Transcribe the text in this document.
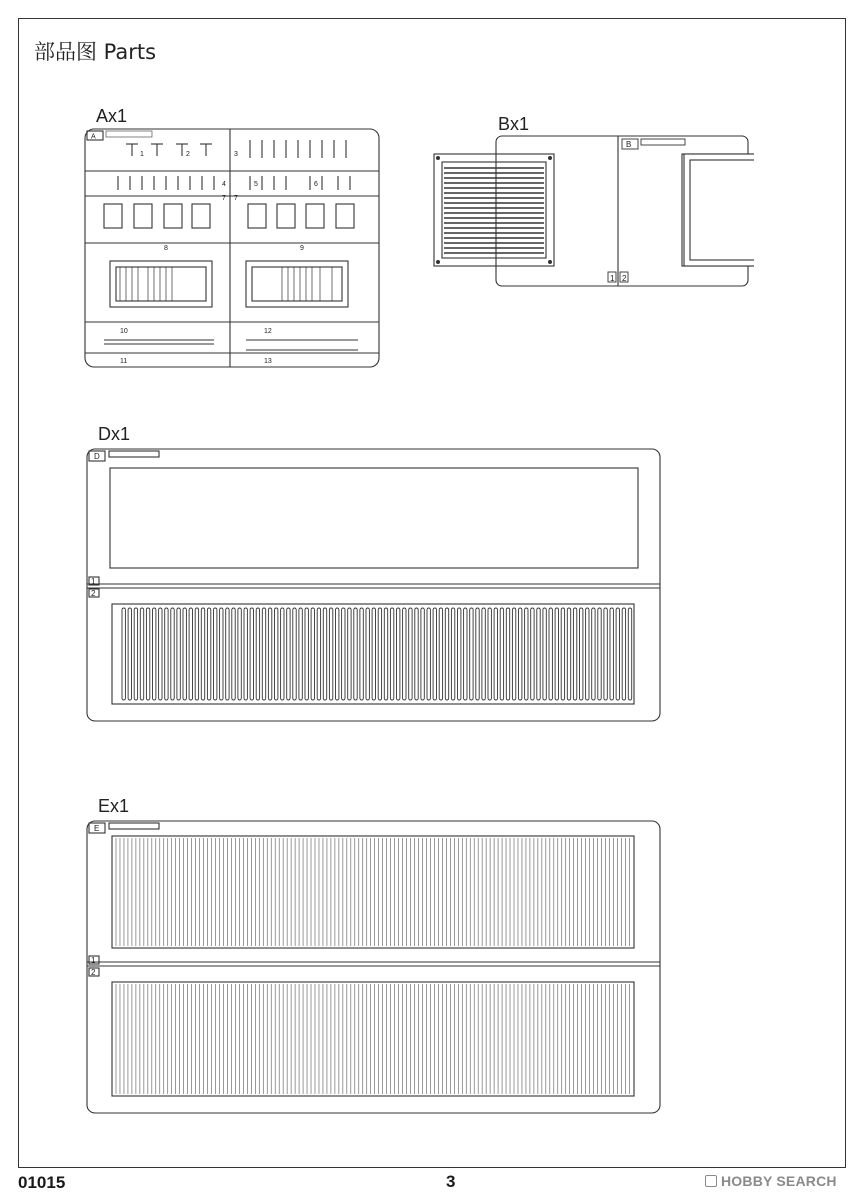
部品图 Parts
Ax1
A
1	2	3
4	5	6
7 7
8	9
10
11
12
13
Bx1
B
1 2
Dx1
D
1
2
Ex1
E
1
2
01015	3	HOBBY SEARCH
